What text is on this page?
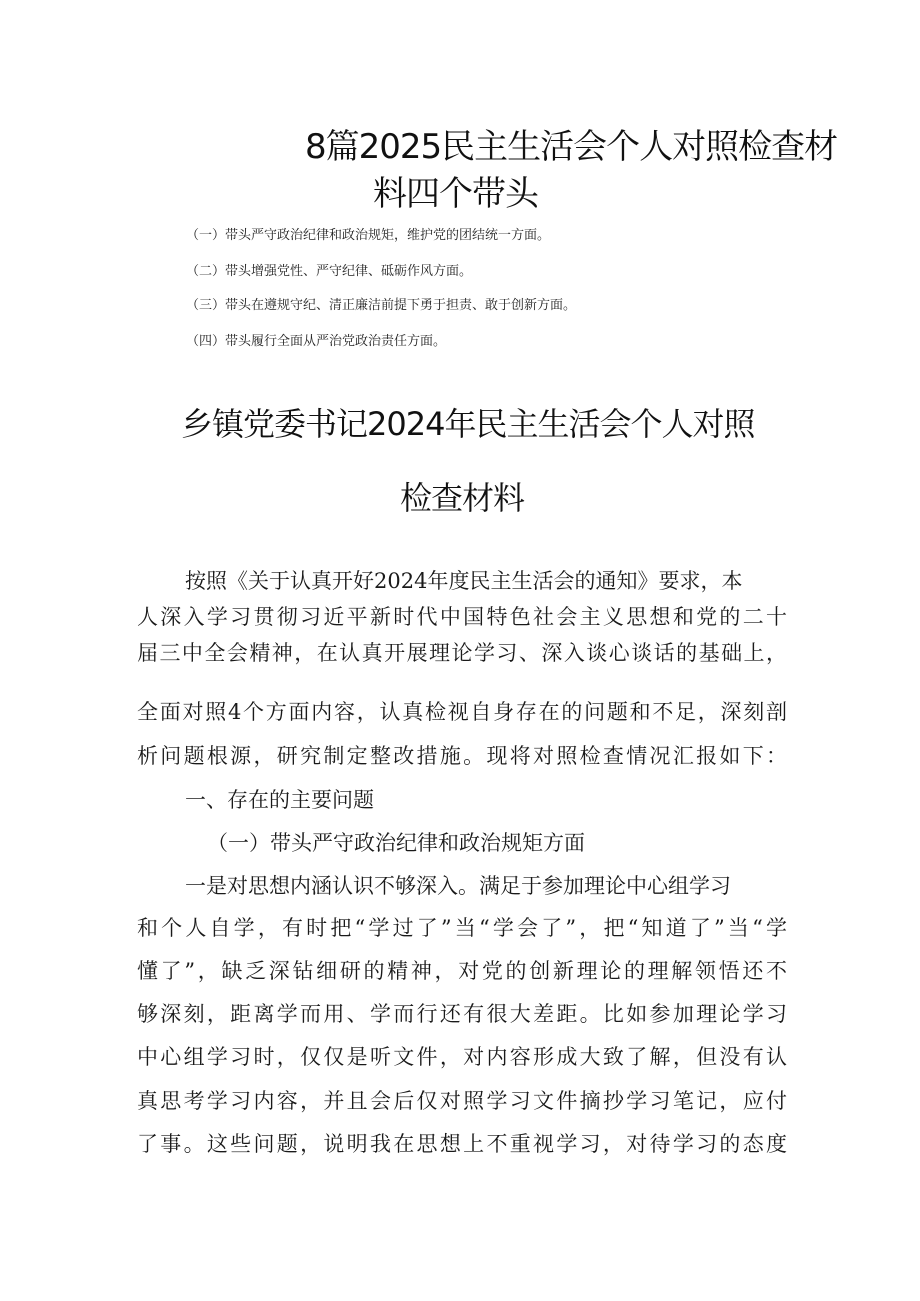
8篇2025民主生活会个人对照检查材
料四个带头
（一）带头严守政治纪律和政治规矩，维护党的团结统一方面。
（二）带头增强党性、严守纪律、砥砺作风方面。
（三）带头在遵规守纪、清正廉洁前提下勇于担责、敢于创新方面。
（四）带头履行全面从严治党政治责任方面。
乡镇党委书记2024年民主生活会个人对照
检查材料
按照《关于认真开好2024年度民主生活会的通知》要求，本
人深入学习贯彻习近平新时代中国特色社会主义思想和党的二十
届三中全会精神，在认真开展理论学习、深入谈心谈话的基础上，
全面对照4个方面内容，认真检视自身存在的问题和不足，深刻剖
析问题根源，研究制定整改措施。现将对照检查情况汇报如下：
一、存在的主要问题
（一）带头严守政治纪律和政治规矩方面
一是对思想内涵认识不够深入。满足于参加理论中心组学习
和个人自学，有时把“学过了”当“学会了”，把“知道了”当“学
懂了”，缺乏深钻细研的精神，对党的创新理论的理解领悟还不
够深刻，距离学而用、学而行还有很大差距。比如参加理论学习
中心组学习时，仅仅是听文件，对内容形成大致了解，但没有认
真思考学习内容，并且会后仅对照学习文件摘抄学习笔记，应付
了事。这些问题，说明我在思想上不重视学习，对待学习的态度
